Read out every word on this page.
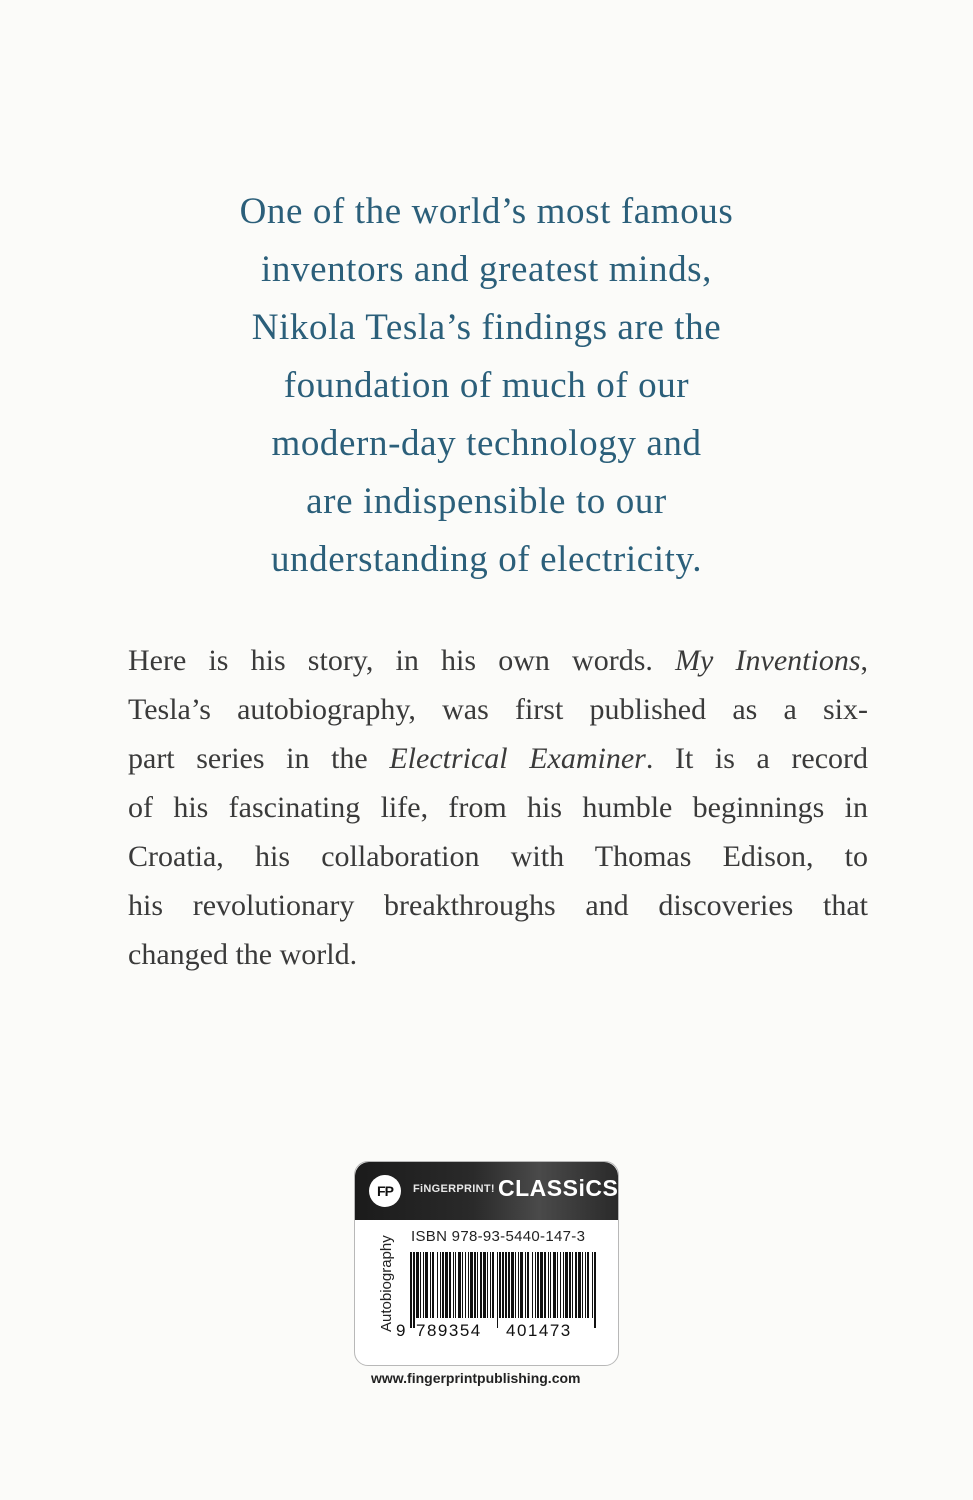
One of the world’s most famous
inventors and greatest minds,
Nikola Tesla’s findings are the
foundation of much of our
modern-day technology and
are indispensible to our
understanding of electricity.
Here is his story, in his own words. My Inventions,
Tesla’s autobiography, was first published as a six-
part series in the Electrical Examiner. It is a record
of his fascinating life, from his humble beginnings in
Croatia, his collaboration with Thomas Edison, to
his revolutionary breakthroughs and discoveries that
changed the world.
FP	FiNGERPRINT! CLASSiCS
Autobiography ISBN 978-93-5440-147-3
9 789354 401473
www.fingerprintpublishing.com
